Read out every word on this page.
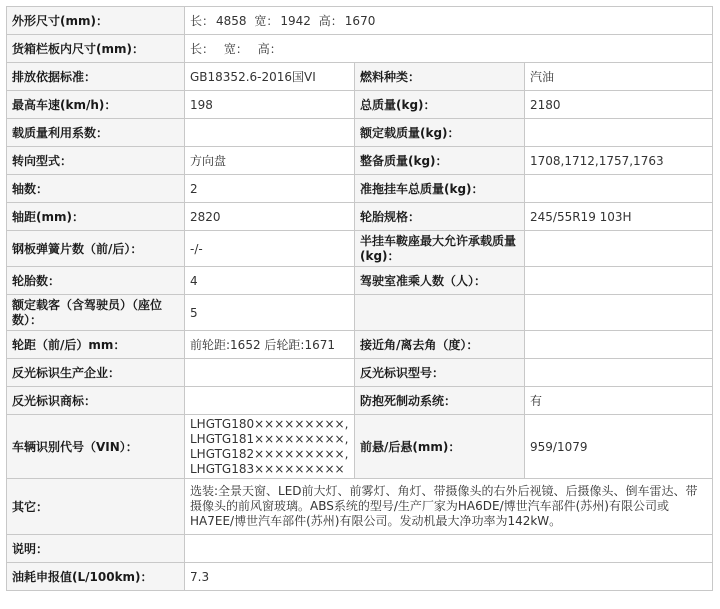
外形尺寸(mm)：	长： 4858 宽： 1942 高： 1670		
货箱栏板内尺寸(mm)：	长： 宽： 高：		
排放依据标准：	GB18352.6-2016国VI	燃料种类：	汽油
最高车速(km/h)：	198	总质量(kg)：	2180
载质量利用系数：		额定载质量(kg)：	
转向型式：	方向盘	整备质量(kg)：	1708,1712,1757,1763
轴数：	2	准拖挂车总质量(kg)：	
轴距(mm)：	2820	轮胎规格：	245/55R19 103H
钢板弹簧片数（前/后）：	-/-	半挂车鞍座最大允许承载质量(kg)：	
轮胎数：	4	驾驶室准乘人数（人）：	
额定载客（含驾驶员）（座位数）：	5		
轮距（前/后）mm：	前轮距:1652 后轮距:1671	接近角/离去角（度）：	
反光标识生产企业：		反光标识型号：	
反光标识商标：		防抱死制动系统：	有
车辆识别代号（VIN）：	LHGTG180×××××××××,LHGTG181×××××××××,LHGTG182×××××××××,LHGTG183×××××××××	前悬/后悬(mm)：	959/1079
其它：	选装:全景天窗、LED前大灯、前雾灯、角灯、带摄像头的右外后视镜、后摄像头、倒车雷达、带摄像头的前风窗玻璃。ABS系统的型号/生产厂家为HA6DE/博世汽车部件(苏州)有限公司或HA7EE/博世汽车部件(苏州)有限公司。发动机最大净功率为142kW。		
说明：			
油耗申报值(L/100km)：	7.3		
